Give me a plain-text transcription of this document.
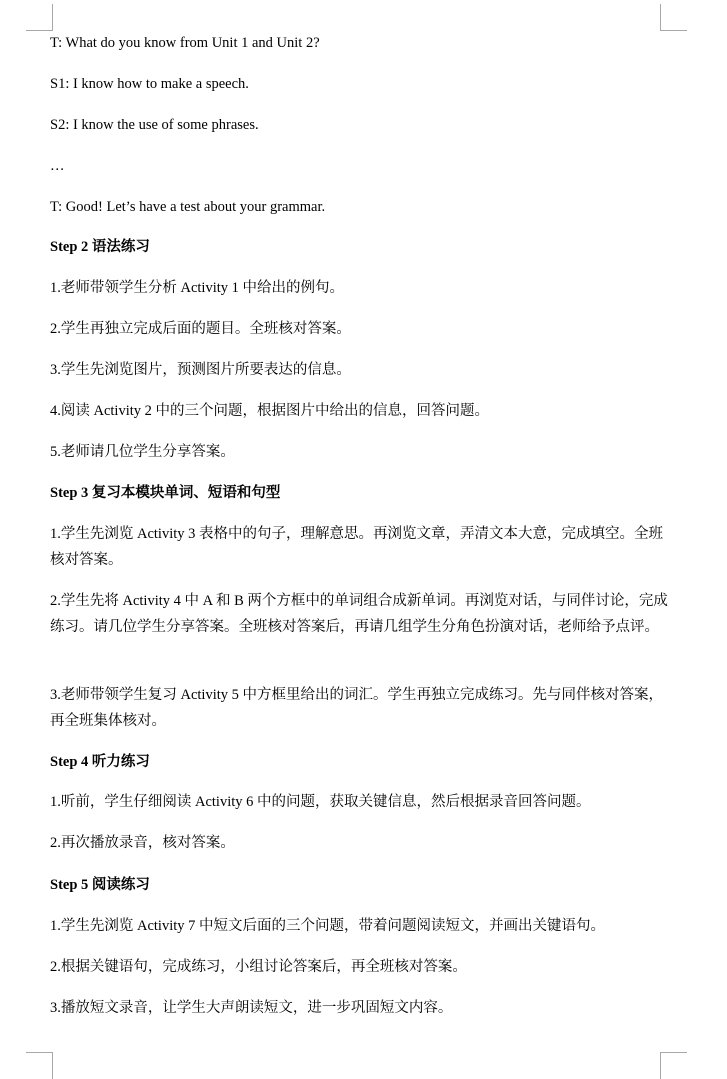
T: What do you know from Unit 1 and Unit 2?
S1: I know how to make a speech.
S2: I know the use of some phrases.
…
T: Good! Let’s have a test about your grammar.
Step 2 语法练习
1.老师带领学生分析 Activity 1 中给出的例句。
2.学生再独立完成后面的题目。全班核对答案。
3.学生先浏览图片，预测图片所要表达的信息。
4.阅读 Activity 2 中的三个问题，根据图片中给出的信息，回答问题。
5.老师请几位学生分享答案。
Step 3 复习本模块单词、短语和句型
1.学生先浏览 Activity 3 表格中的句子，理解意思。再浏览文章，弄清文本大意，完成填空。全班核对答案。
2.学生先将 Activity 4 中 A 和 B 两个方框中的单词组合成新单词。再浏览对话，与同伴讨论，完成练习。请几位学生分享答案。全班核对答案后，再请几组学生分角色扮演对话，老师给予点评。
3.老师带领学生复习 Activity 5 中方框里给出的词汇。学生再独立完成练习。先与同伴核对答案，再全班集体核对。
Step 4 听力练习
1.听前，学生仔细阅读 Activity 6 中的问题，获取关键信息，然后根据录音回答问题。
2.再次播放录音，核对答案。
Step 5 阅读练习
1.学生先浏览 Activity 7 中短文后面的三个问题，带着问题阅读短文，并画出关键语句。
2.根据关键语句，完成练习，小组讨论答案后，再全班核对答案。
3.播放短文录音，让学生大声朗读短文，进一步巩固短文内容。
